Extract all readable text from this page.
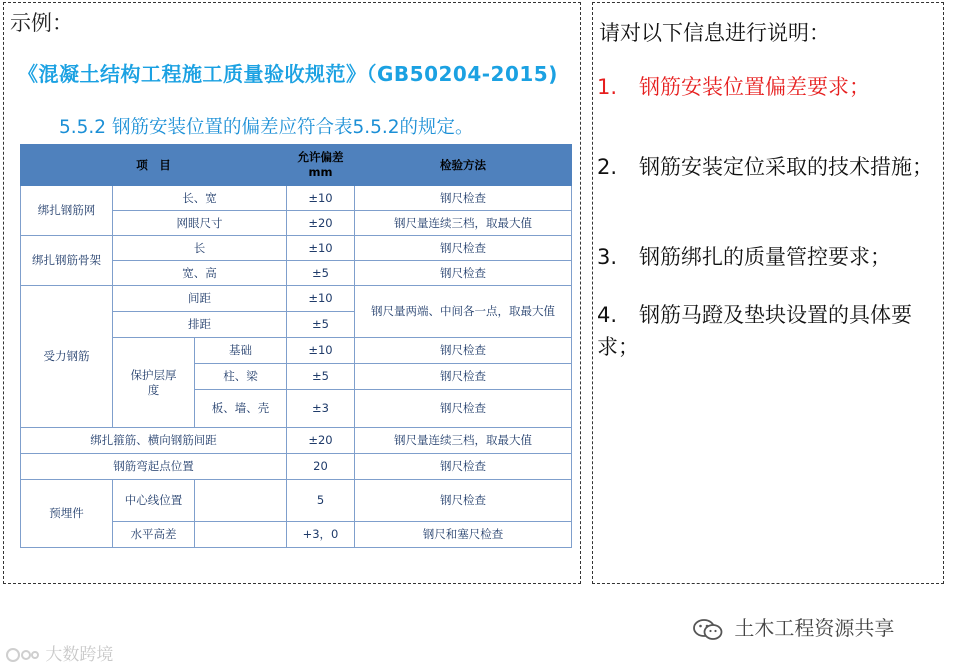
示例：
《混凝土结构工程施工质量验收规范》（GB50204-2015)
5.5.2 钢筋安装位置的偏差应符合表5.5.2的规定。
项　目			允许偏差mm	检验方法
绑扎钢筋网	长、宽		±10	钢尺检查
	网眼尺寸		±20	钢尺量连续三档，取最大值
绑扎钢筋骨架	长		±10	钢尺检查
	宽、高		±5	钢尺检查
受力钢筋	间距		±10	钢尺量两端、中间各一点，取最大值
	排距		±5	
	保护层厚度	基础	±10	钢尺检查
		柱、梁	±5	钢尺检查
		板、墙、壳	±3	钢尺检查
绑扎箍筋、横向钢筋间距			±20	钢尺量连续三档，取最大值
钢筋弯起点位置			20	钢尺检查
预埋件	中心线位置		5	钢尺检查
	水平高差		+3，0	钢尺和塞尺检查
请对以下信息进行说明：
1. 钢筋安装位置偏差要求；
2. 钢筋安装定位采取的技术措施；
3. 钢筋绑扎的质量管控要求；
4. 钢筋马蹬及垫块设置的具体要求；
大数跨境
土木工程资源共享
